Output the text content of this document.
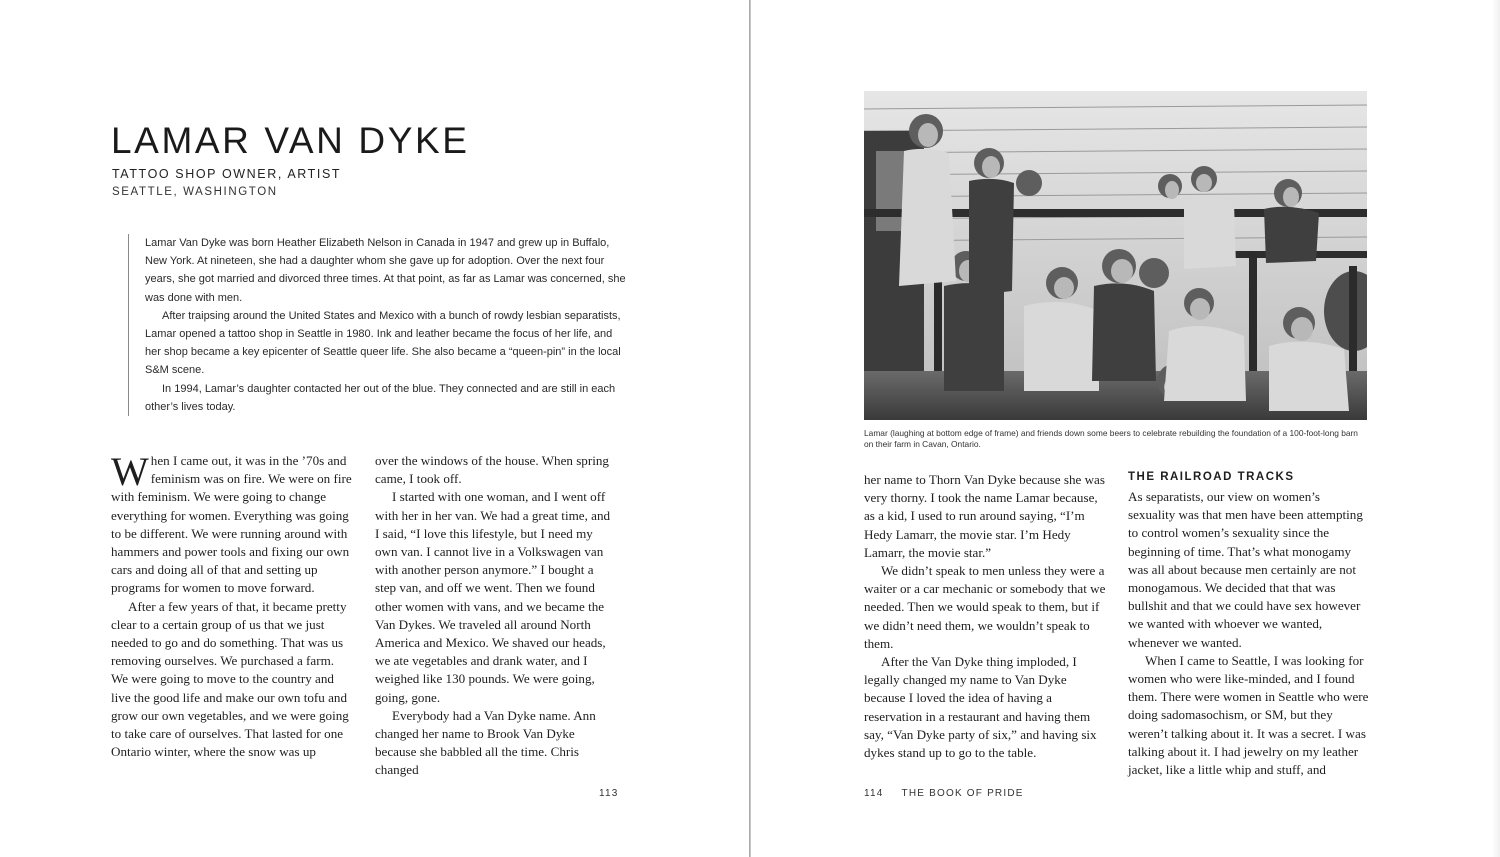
LAMAR VAN DYKE
TATTOO SHOP OWNER, ARTIST
SEATTLE, WASHINGTON

Lamar Van Dyke was born Heather Elizabeth Nelson in Canada in 1947 and grew up in Buffalo, New York. At nineteen, she had a daughter whom she gave up for adoption. Over the next four years, she got married and divorced three times. At that point, as far as Lamar was concerned, she was done with men.

After traipsing around the United States and Mexico with a bunch of rowdy lesbian separatists, Lamar opened a tattoo shop in Seattle in 1980. Ink and leather became the focus of her life, and her shop became a key epicenter of Seattle queer life. She also became a “queen-pin” in the local S&M scene.

In 1994, Lamar’s daughter contacted her out of the blue. They connected and are still in each other’s lives today.

When I came out, it was in the ’70s and feminism was on fire. We were on fire with feminism. We were going to change everything for women. Everything was going to be different. We were running around with hammers and power tools and fixing our own cars and doing all of that and setting up programs for women to move forward.

After a few years of that, it became pretty clear to a certain group of us that we just needed to go and do something. That was us removing ourselves. We purchased a farm. We were going to move to the country and live the good life and make our own tofu and grow our own vegetables, and we were going to take care of ourselves. That lasted for one Ontario winter, where the snow was up

over the windows of the house. When spring came, I took off.

I started with one woman, and I went off with her in her van. We had a great time, and I said, “I love this lifestyle, but I need my own van. I cannot live in a Volkswagen van with another person anymore.” I bought a step van, and off we went. Then we found other women with vans, and we became the Van Dykes. We traveled all around North America and Mexico. We shaved our heads, we ate vegetables and drank water, and I weighed like 130 pounds. We were going, going, gone.

Everybody had a Van Dyke name. Ann changed her name to Brook Van Dyke because she babbled all the time. Chris changed

113
Lamar (laughing at bottom edge of frame) and friends down some beers to celebrate rebuilding the foundation of a 100-foot-long barn on their farm in Cavan, Ontario.

her name to Thorn Van Dyke because she was very thorny. I took the name Lamar because, as a kid, I used to run around saying, “I’m Hedy Lamarr, the movie star. I’m Hedy Lamarr, the movie star.”

We didn’t speak to men unless they were a waiter or a car mechanic or somebody that we needed. Then we would speak to them, but if we didn’t need them, we wouldn’t speak to them.

After the Van Dyke thing imploded, I legally changed my name to Van Dyke because I loved the idea of having a reservation in a restaurant and having them say, “Van Dyke party of six,” and having six dykes stand up to go to the table.

THE RAILROAD TRACKS

As separatists, our view on women’s sexuality was that men have been attempting to control women’s sexuality since the beginning of time. That’s what monogamy was all about because men certainly are not monogamous. We decided that that was bullshit and that we could have sex however we wanted with whoever we wanted, whenever we wanted.

When I came to Seattle, I was looking for women who were like-minded, and I found them. There were women in Seattle who were doing sadomasochism, or SM, but they weren’t talking about it. It was a secret. I was talking about it. I had jewelry on my leather jacket, like a little whip and stuff, and

114 THE BOOK OF PRIDE
